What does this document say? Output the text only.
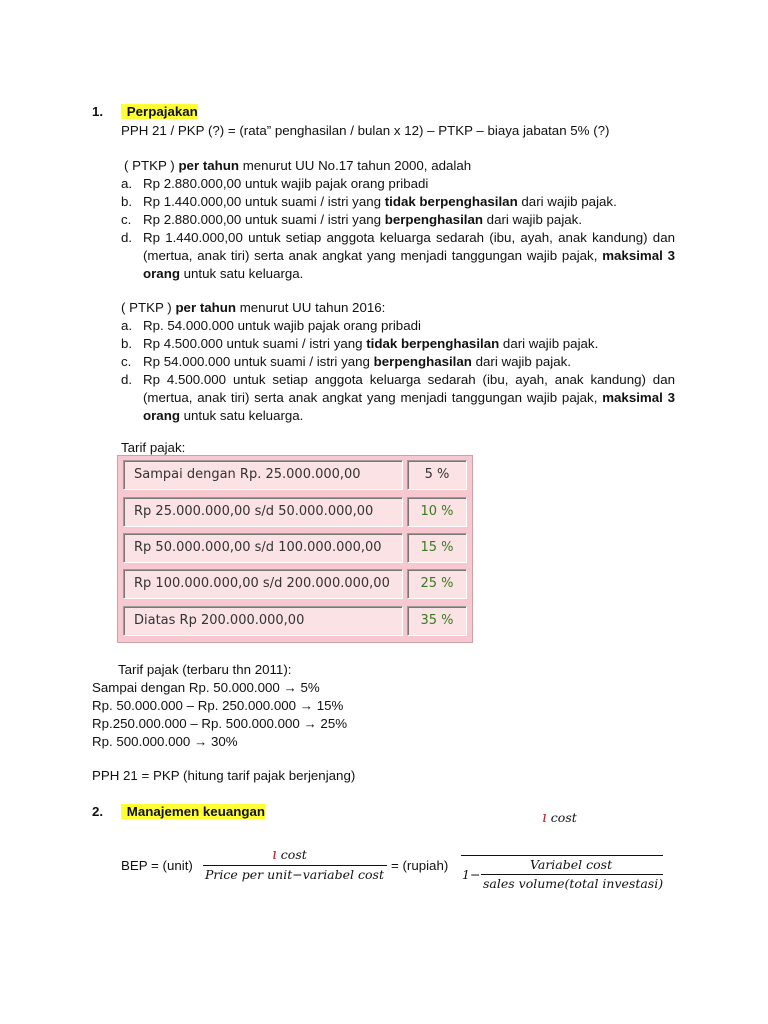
1. Perpajakan
PPH 21 / PKP (?) = (rata” penghasilan / bulan x 12) – PTKP – biaya jabatan 5% (?)
( PTKP ) per tahun menurut UU No.17 tahun 2000, adalah
a. Rp 2.880.000,00 untuk wajib pajak orang pribadi
b. Rp 1.440.000,00 untuk suami / istri yang tidak berpenghasilan dari wajib pajak.
c. Rp 2.880.000,00 untuk suami / istri yang berpenghasilan dari wajib pajak.
d. Rp 1.440.000,00 untuk setiap anggota keluarga sedarah (ibu, ayah, anak kandung) dan (mertua, anak tiri) serta anak angkat yang menjadi tanggungan wajib pajak, maksimal 3 orang untuk satu keluarga.
( PTKP ) per tahun menurut UU tahun 2016:
a. Rp. 54.000.000 untuk wajib pajak orang pribadi
b. Rp 4.500.000 untuk suami / istri yang tidak berpenghasilan dari wajib pajak.
c. Rp 54.000.000 untuk suami / istri yang berpenghasilan dari wajib pajak.
d. Rp 4.500.000 untuk setiap anggota keluarga sedarah (ibu, ayah, anak kandung) dan (mertua, anak tiri) serta anak angkat yang menjadi tanggungan wajib pajak, maksimal 3 orang untuk satu keluarga.
Tarif pajak:
Sampai dengan Rp. 25.000.000,00	5 %
Rp 25.000.000,00 s/d 50.000.000,00	10 %
Rp 50.000.000,00 s/d 100.000.000,00	15 %
Rp 100.000.000,00 s/d 200.000.000,00	25 %
Diatas Rp 200.000.000,00	35 %
Tarif pajak (terbaru thn 2011):
Sampai dengan Rp. 50.000.000 → 5%
Rp. 50.000.000 – Rp. 250.000.000 → 15%
Rp.250.000.000 – Rp. 500.000.000 → 25%
Rp. 500.000.000 → 30%
PPH 21 = PKP (hitung tarif pajak berjenjang)
2. Manajemen keuangan
BEP = (unit)
ı cost
Price per unit−variabel cost
= (rupiah)
ı cost
1−
Variabel cost
sales volume(total investasi)
